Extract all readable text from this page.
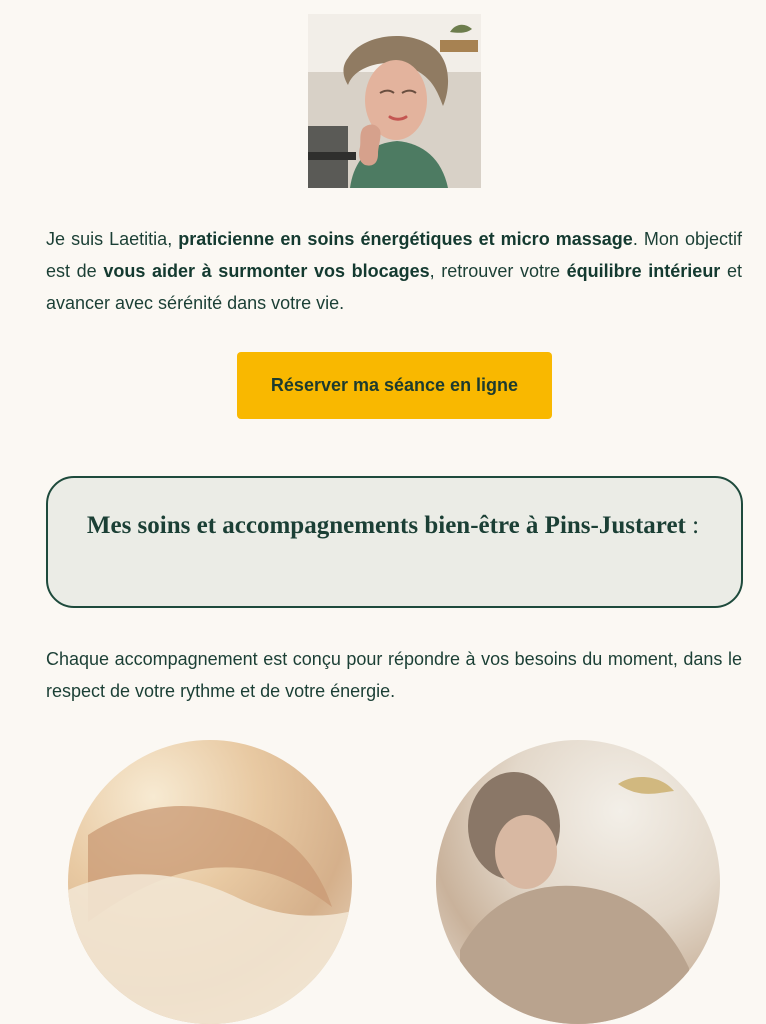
Je suis Laetitia, praticienne en soins énergétiques et micro massage. Mon objectif est de vous aider à surmonter vos blocages, retrouver votre équilibre intérieur et avancer avec sérénité dans votre vie.

Réserver ma séance en ligne
Mes soins et accompagnements bien-être à Pins-Justaret :

Chaque accompagnement est conçu pour répondre à vos besoins du moment, dans le respect de votre rythme et de votre énergie.
